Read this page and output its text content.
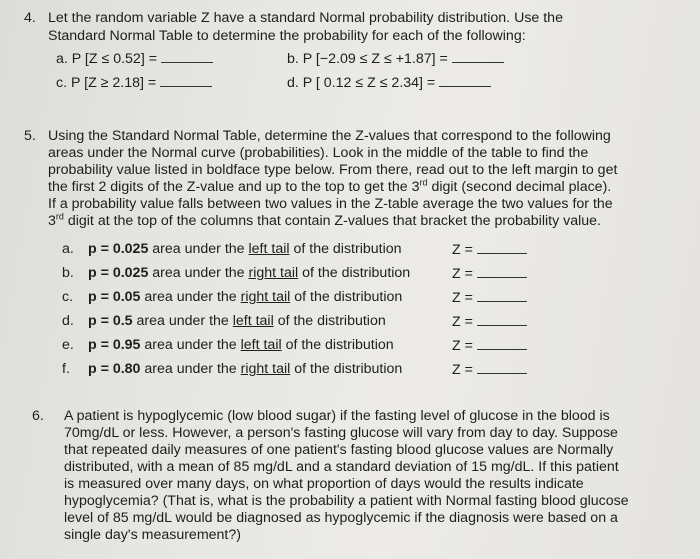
4. Let the random variable Z have a standard Normal probability distribution. Use the
Standard Normal Table to determine the probability for each of the following:
a. P [Z ≤ 0.52] =	b. P [−2.09 ≤ Z ≤ +1.87] =
c. P [Z ≥ 2.18] =	d. P [ 0.12 ≤ Z ≤ 2.34] =
5. Using the Standard Normal Table, determine the Z-values that correspond to the following
areas under the Normal curve (probabilities). Look in the middle of the table to find the
probability value listed in boldface type below. From there, read out to the left margin to get
the first 2 digits of the Z-value and up to the top to get the 3rd digit (second decimal place).
If a probability value falls between two values in the Z-table average the two values for the
3rd digit at the top of the columns that contain Z-values that bracket the probability value.
a. p = 0.025 area under the left tail of the distribution	Z =
b. p = 0.025 area under the right tail of the distribution	Z =
c. p = 0.05 area under the right tail of the distribution	Z =
d. p = 0.5 area under the left tail of the distribution	Z =
e. p = 0.95 area under the left tail of the distribution	Z =
f. p = 0.80 area under the right tail of the distribution	Z =
6. A patient is hypoglycemic (low blood sugar) if the fasting level of glucose in the blood is
70mg/dL or less. However, a person's fasting glucose will vary from day to day. Suppose
that repeated daily measures of one patient's fasting blood glucose values are Normally
distributed, with a mean of 85 mg/dL and a standard deviation of 15 mg/dL. If this patient
is measured over many days, on what proportion of days would the results indicate
hypoglycemia? (That is, what is the probability a patient with Normal fasting blood glucose
level of 85 mg/dL would be diagnosed as hypoglycemic if the diagnosis were based on a
single day's measurement?)
